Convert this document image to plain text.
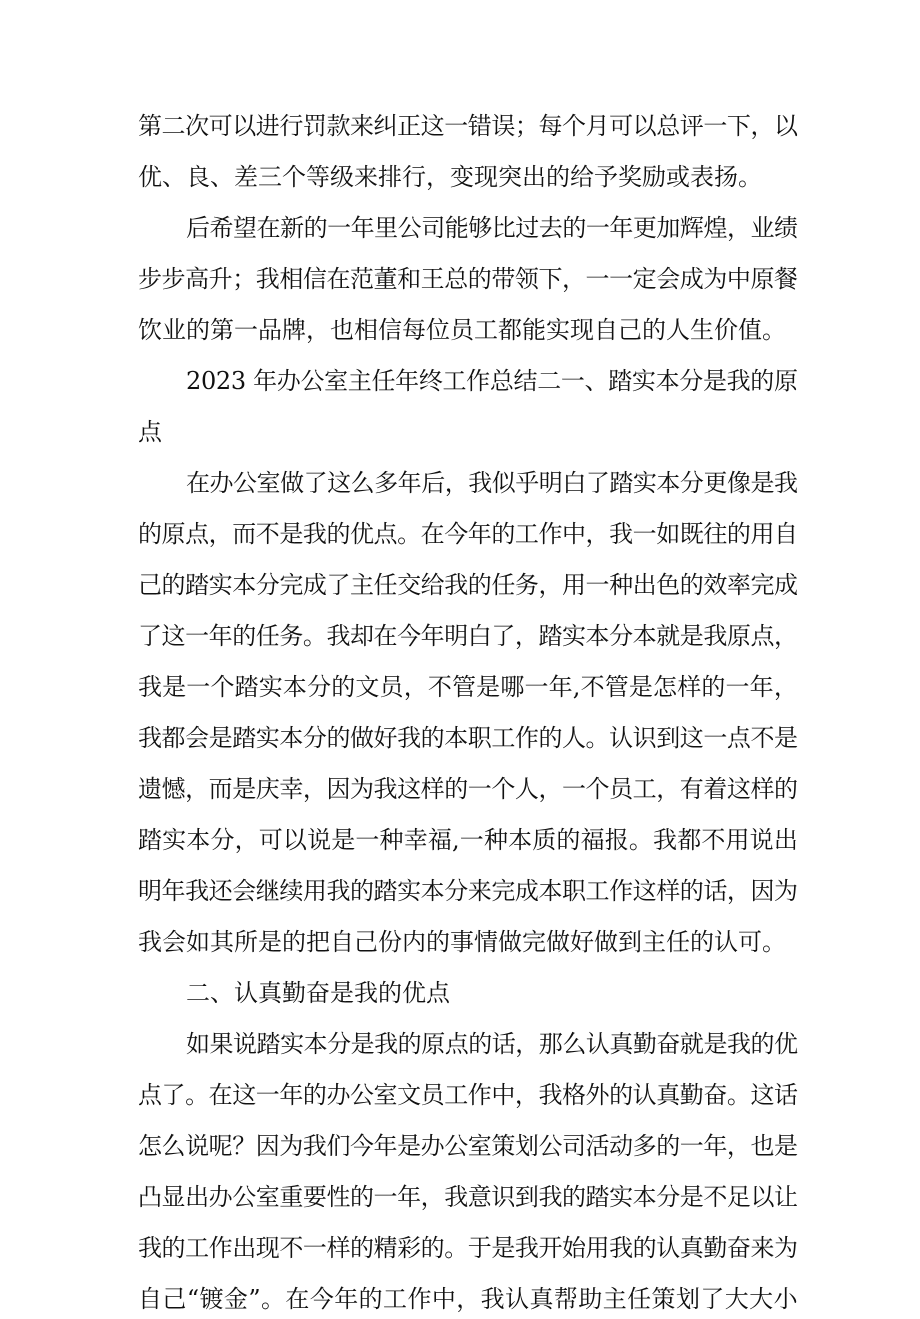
第二次可以进行罚款来纠正这一错误；每个月可以总评一下，以
优、良、差三个等级来排行，变现突出的给予奖励或表扬。
后希望在新的一年里公司能够比过去的一年更加辉煌，业绩
步步高升；我相信在范董和王总的带领下，一一定会成为中原餐
饮业的第一品牌，也相信每位员工都能实现自己的人生价值。
2023 年办公室主任年终工作总结二一、踏实本分是我的原
点
在办公室做了这么多年后，我似乎明白了踏实本分更像是我
的原点，而不是我的优点。在今年的工作中，我一如既往的用自
己的踏实本分完成了主任交给我的任务，用一种出色的效率完成
了这一年的任务。我却在今年明白了，踏实本分本就是我原点，
我是一个踏实本分的文员，不管是哪一年,不管是怎样的一年，
我都会是踏实本分的做好我的本职工作的人。认识到这一点不是
遗憾，而是庆幸，因为我这样的一个人，一个员工，有着这样的
踏实本分，可以说是一种幸福,一种本质的福报。我都不用说出
明年我还会继续用我的踏实本分来完成本职工作这样的话，因为
我会如其所是的把自己份内的事情做完做好做到主任的认可。
二、认真勤奋是我的优点
如果说踏实本分是我的原点的话，那么认真勤奋就是我的优
点了。在这一年的办公室文员工作中，我格外的认真勤奋。这话
怎么说呢？因为我们今年是办公室策划公司活动多的一年，也是
凸显出办公室重要性的一年，我意识到我的踏实本分是不足以让
我的工作出现不一样的精彩的。于是我开始用我的认真勤奋来为
自己“镀金”。在今年的工作中，我认真帮助主任策划了大大小
